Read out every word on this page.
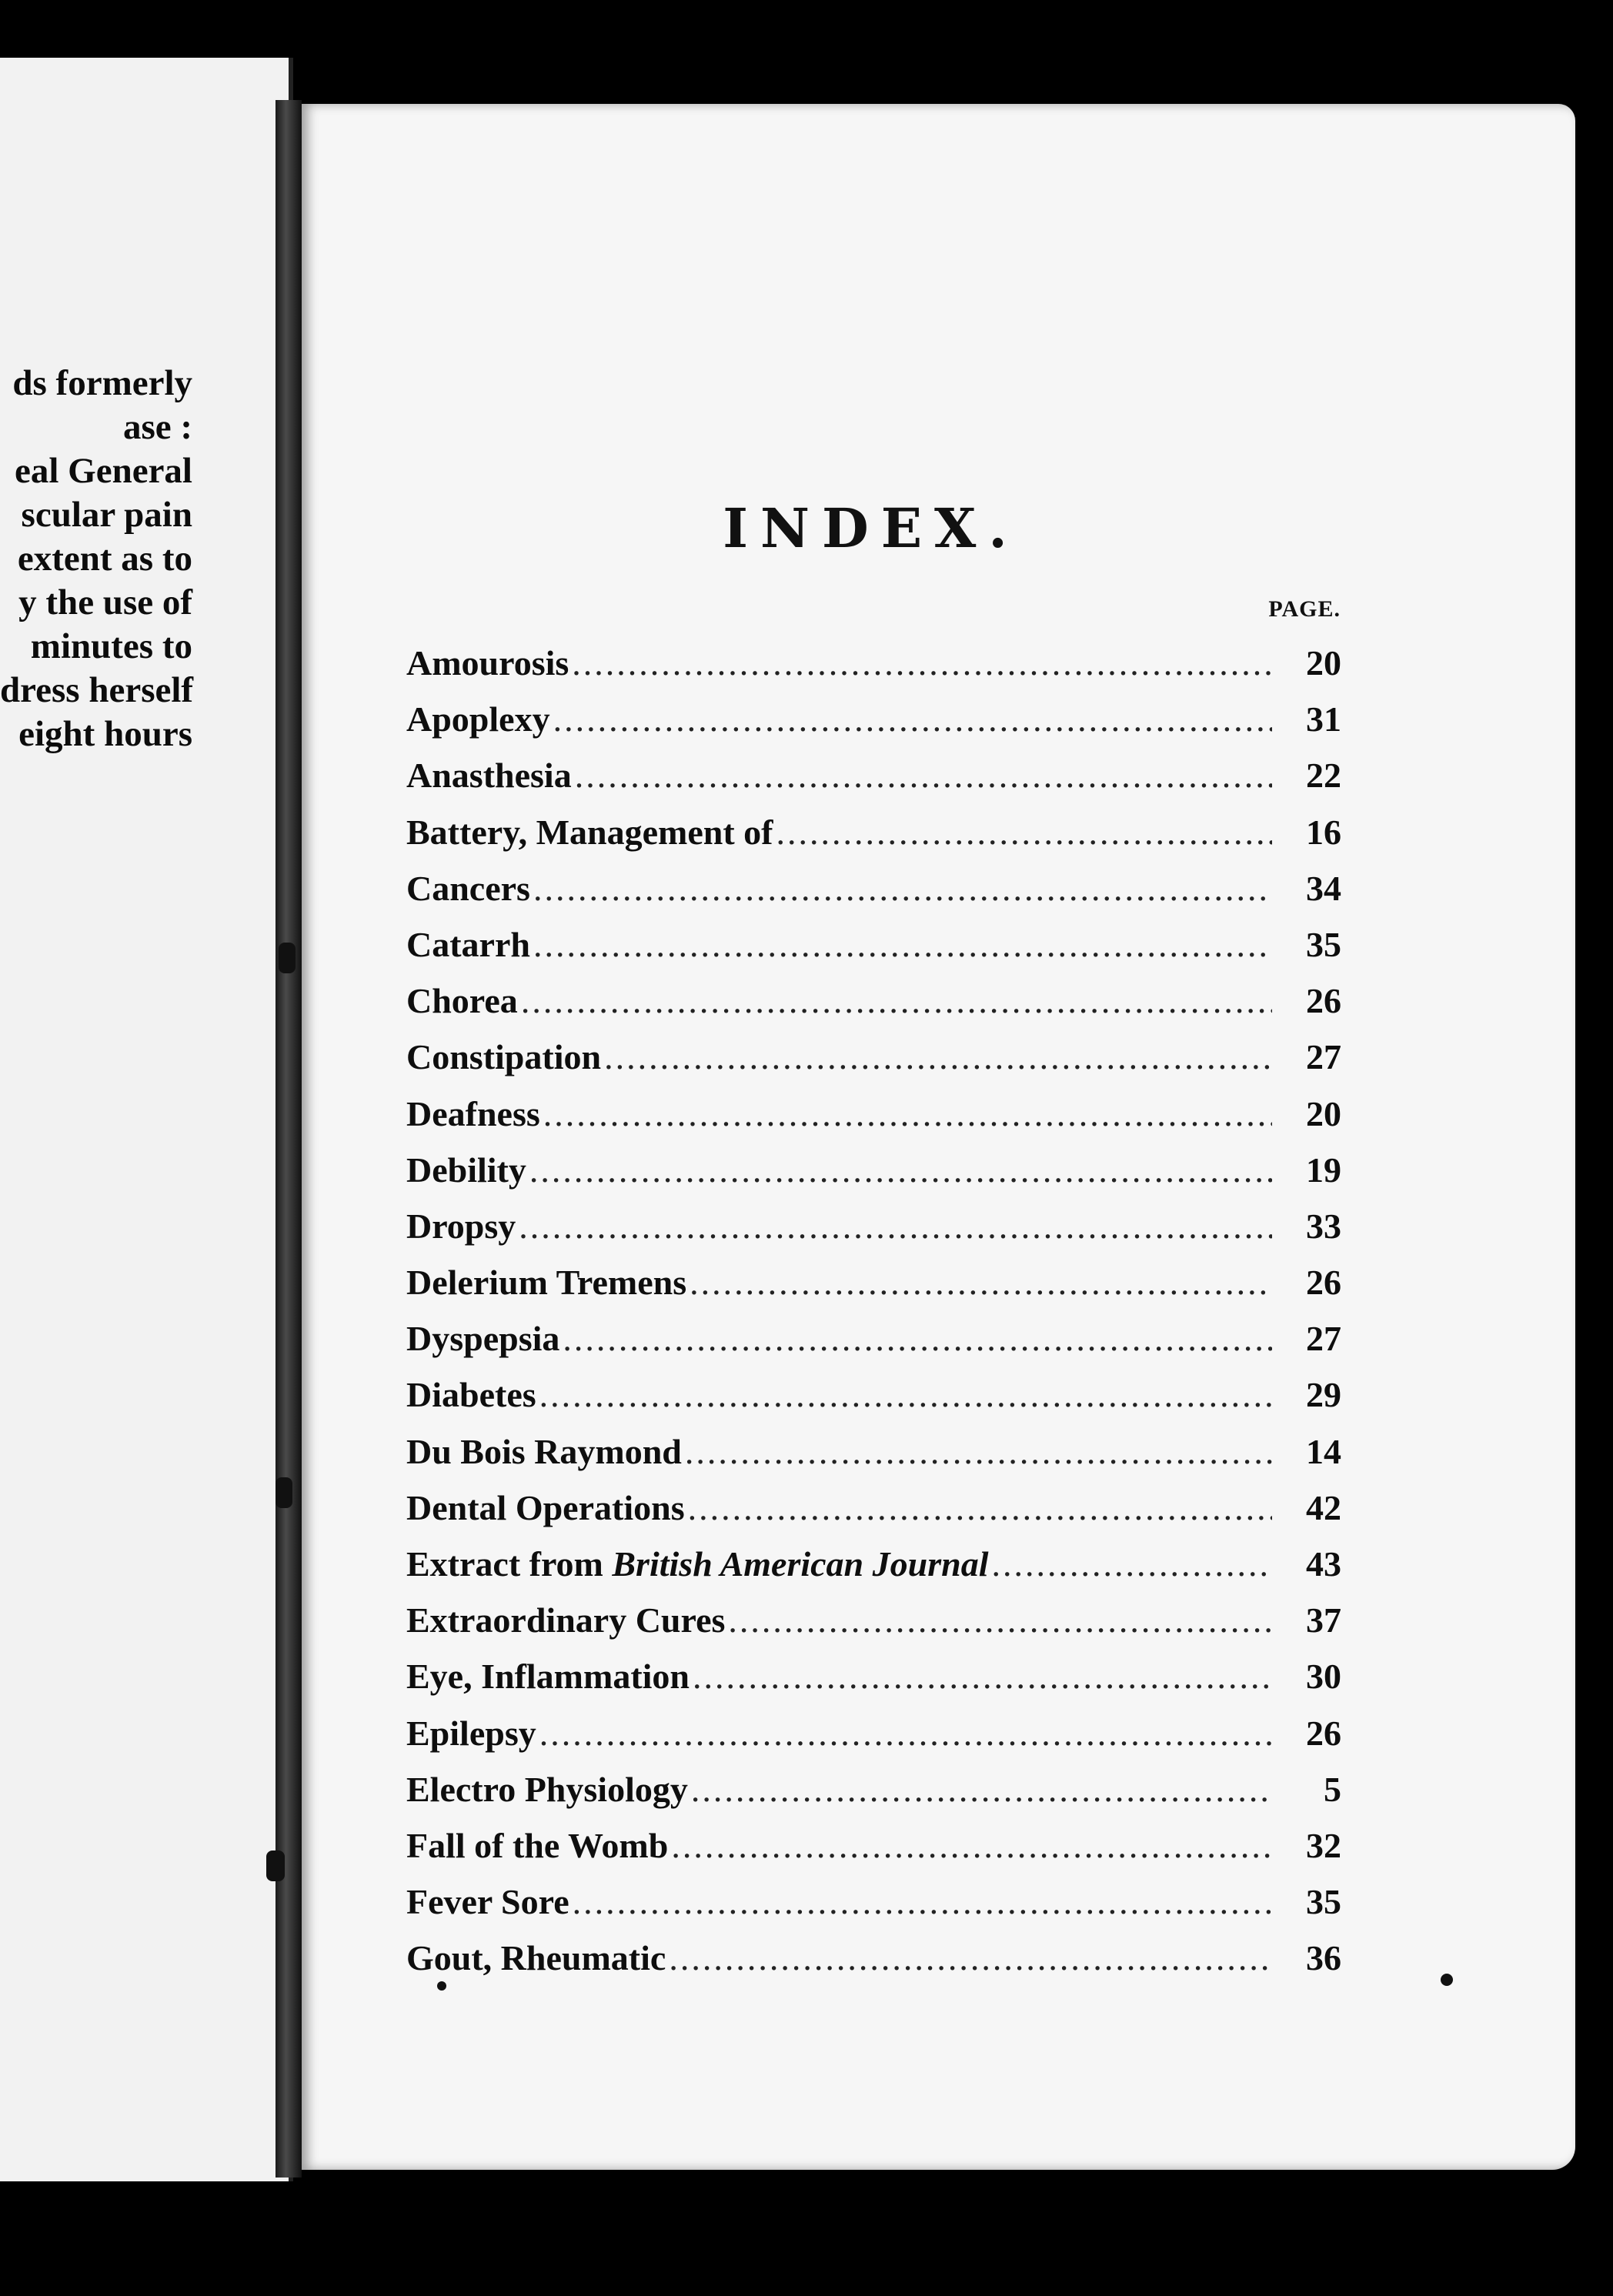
ds formerly
ase :
eal General
scular pain
extent as to
y the use of
minutes to
dress herself
eight hours
INDEX.
PAGE.
Amourosis .....	20
Apoplexy .....	31
Anasthesia .....	22
Battery, Management of .....	16
Cancers .....	34
Catarrh .....	35
Chorea .....	26
Constipation .....	27
Deafness .....	20
Debility .....	19
Dropsy .....	33
Delerium Tremens .....	26
Dyspepsia .....	27
Diabetes .....	29
Du Bois Raymond .....	14
Dental Operations .....	42
Extract from British American Journal .....	43
Extraordinary Cures .....	37
Eye, Inflammation .....	30
Epilepsy .....	26
Electro Physiology .....	5
Fall of the Womb .....	32
Fever Sore .....	35
Gout, Rheumatic .....	36
